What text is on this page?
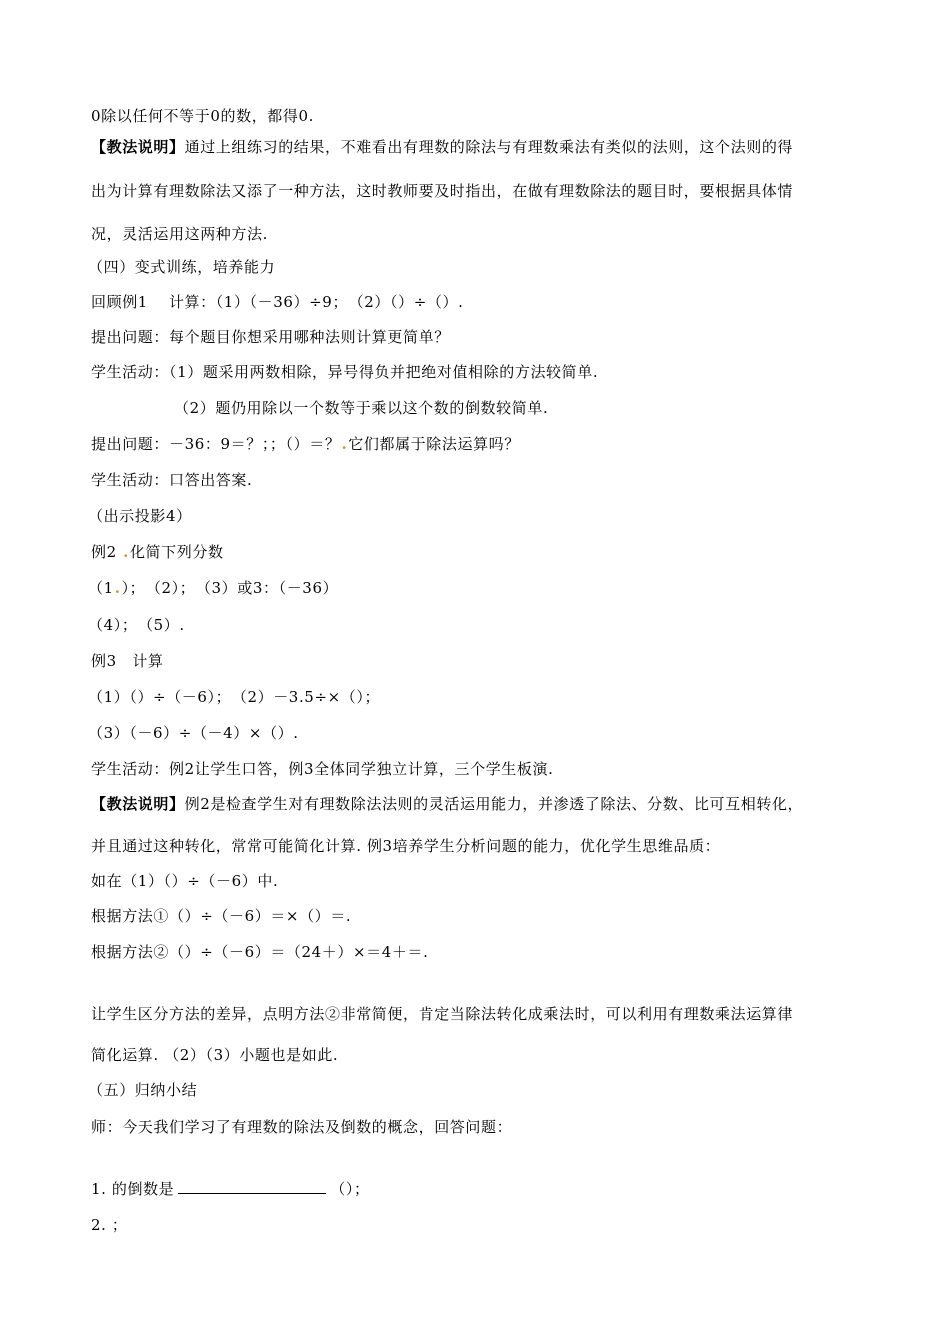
0除以任何不等于0的数，都得0.
【教法说明】通过上组练习的结果，不难看出有理数的除法与有理数乘法有类似的法则，这个法则的得
出为计算有理数除法又添了一种方法，这时教师要及时指出，在做有理数除法的题目时，要根据具体情
况，灵活运用这两种方法.
（四）变式训练，培养能力
回顾例1　 计算：（1）（－36）÷9；　（2）（）÷（）.
提出问题：每个题目你想采用哪种法则计算更简单？
学生活动：（1）题采用两数相除，异号得负并把绝对值相除的方法较简单.
（2）题仍用除以一个数等于乘以这个数的倒数较简单.
提出问题：－36：9＝？；；（）＝？.它们都属于除法运算吗？
学生活动：口答出答案.
（出示投影4）
例2 .化简下列分数
（1.）；　（2）；　（3）或3：（－36）
（4）；　（5）.
例3　计算
（1）（）÷（－6）；　（2）－3.5÷×（）；
（3）（－6）÷（－4）×（）.
学生活动：例2让学生口答，例3全体同学独立计算，三个学生板演.
【教法说明】例2是检查学生对有理数除法法则的灵活运用能力，并渗透了除法、分数、比可互相转化，
并且通过这种转化，常常可能简化计算. 例3培养学生分析问题的能力，优化学生思维品质：
如在（1）（）÷（－6）中.
根据方法①（）÷（－6）＝×（）＝.
根据方法②（）÷（－6）＝（24＋）×＝4＋＝.
让学生区分方法的差异，点明方法②非常简便，肯定当除法转化成乘法时，可以利用有理数乘法运算律
简化运算. （2）（3）小题也是如此.
（五）归纳小结
师：今天我们学习了有理数的除法及倒数的概念，回答问题：
1. 的倒数是	（）；
2. ；
